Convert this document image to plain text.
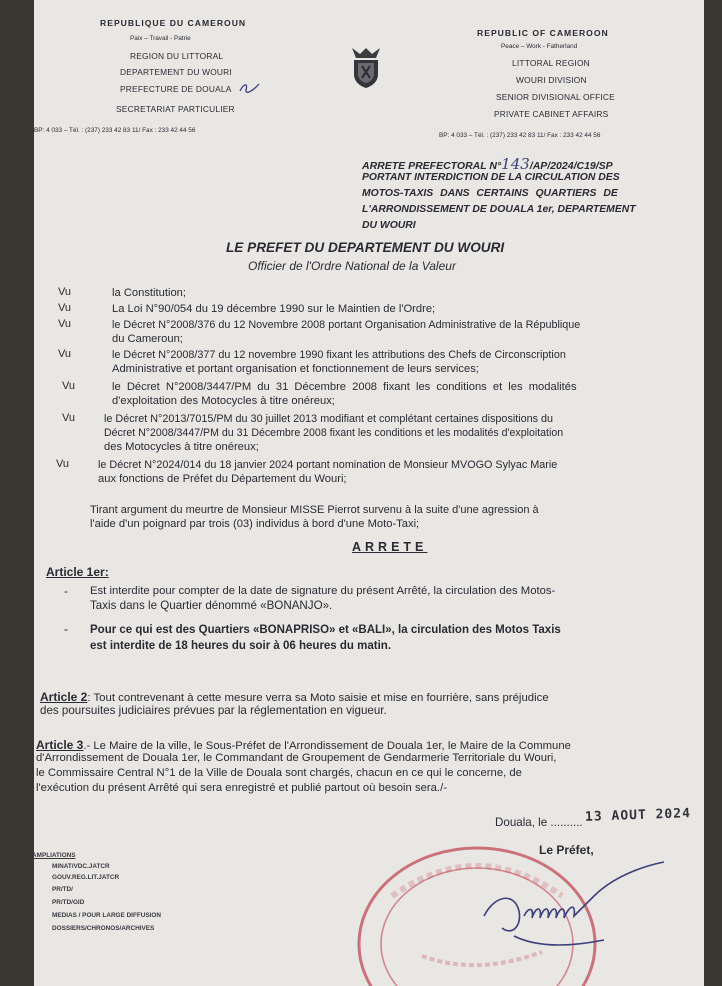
REPUBLIQUE DU CAMEROUN
Paix – Travail - Patrie
REGION DU LITTORAL
DEPARTEMENT DU WOURI
PREFECTURE DE DOUALA
SECRETARIAT PARTICULIER
BP: 4 033 – Tél. : (237) 233 42 83 11/ Fax : 233 42 44 56
REPUBLIC OF CAMEROON
Peace – Work - Fatherland
LITTORAL REGION
WOURI DIVISION
SENIOR DIVISIONAL OFFICE
PRIVATE CABINET AFFAIRS
BP: 4 033 – Tél. : (237) 233 42 83 11/ Fax : 233 42 44 56
ARRETE PREFECTORAL N°143/AP/2024/C19/SP
PORTANT INTERDICTION DE LA CIRCULATION DES
MOTOS-TAXIS DANS CERTAINS QUARTIERS DE
L'ARRONDISSEMENT DE DOUALA 1er, DEPARTEMENT
DU WOURI
LE PREFET DU DEPARTEMENT DU WOURI
Officier de l'Ordre National de la Valeur
Vu	la Constitution;
Vu	La Loi N°90/054 du 19 décembre 1990 sur le Maintien de l'Ordre;
Vu	le Décret N°2008/376 du 12 Novembre 2008 portant Organisation Administrative de la République
du Cameroun;
Vu	le Décret N°2008/377 du 12 novembre 1990 fixant les attributions des Chefs de Circonscription
Administrative et portant organisation et fonctionnement de leurs services;
Vu	le Décret N°2008/3447/PM du 31 Décembre 2008 fixant les conditions et les modalités
d'exploitation des Motocycles à titre onéreux;
Vu	le Décret N°2013/7015/PM du 30 juillet 2013 modifiant et complétant certaines dispositions du
Décret N°2008/3447/PM du 31 Décembre 2008 fixant les conditions et les modalités d'exploitation
des Motocycles à titre onéreux;
Vu	le Décret N°2024/014 du 18 janvier 2024 portant nomination de Monsieur MVOGO Sylyac Marie
aux fonctions de Préfet du Département du Wouri;
Tirant argument du meurtre de Monsieur MISSE Pierrot survenu à la suite d'une agression à
l'aide d'un poignard par trois (03) individus à bord d'une Moto-Taxi;
ARRETE
Article 1er:
- Est interdite pour compter de la date de signature du présent Arrêté, la circulation des Motos-
Taxis dans le Quartier dénommé «BONANJO».
- Pour ce qui est des Quartiers «BONAPRISO» et «BALI», la circulation des Motos Taxis
est interdite de 18 heures du soir à 06 heures du matin.
Article 2: Tout contrevenant à cette mesure verra sa Moto saisie et mise en fourrière, sans préjudice
des poursuites judiciaires prévues par la réglementation en vigueur.
Article 3.- Le Maire de la ville, le Sous-Préfet de l'Arrondissement de Douala 1er, le Maire de la Commune
d'Arrondissement de Douala 1er, le Commandant de Groupement de Gendarmerie Territoriale du Wouri,
le Commissaire Central N°1 de la Ville de Douala sont chargés, chacun en ce qui le concerne, de
l'exécution du présent Arrêté qui sera enregistré et publié partout où besoin sera./-
Douala, le .......... 13 AOUT 2024
Le Préfet,
AMPLIATIONS
MINAT/VDC.JATCR
GOUV.REG.LIT.JATCR
PR/TD/
PR/TD/GID
MEDIAS / POUR LARGE DIFFUSION
DOSSIERS/CHRONOS/ARCHIVES
